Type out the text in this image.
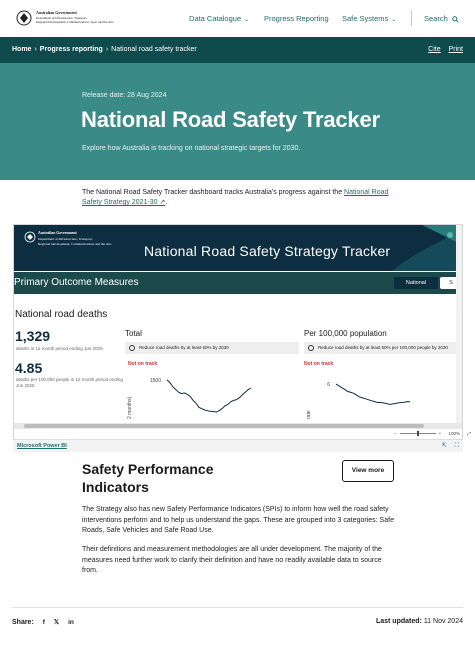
Australian Government
Department of Infrastructure, Transport,
Regional Development, Communications, Sport and the Arts	Data Catalogue ⌄ Progress Reporting Safe Systems ⌄	Search
Home › Progress reporting › National road safety tracker	Cite Print
Release date: 28 Aug 2024
National Road Safety Tracker
Explore how Australia is tracking on national strategic targets for 2030.
The National Road Safety Tracker dashboard tracks Australia's progress against the National Road Safety Strategy 2021-30 ↗.
Australian Government
Department of Infrastructure, Transport,
Regional Development, Communications and the Arts National Road Safety Strategy Tracker
Primary Outcome Measures	National	S
National road deaths
1,329
deaths in 12 month period ending Jun 2025
4.85
deaths per 100,000 people in 12 month period ending Jun 2025
Total
Reduce road deaths by at least 50% by 2030
Not on track
2 months)
1500
Per 100,000 population
Reduce road deaths by at least 50% per 100,000 people by 2030
Not on track
rate
6
−	+ 100% ⤢
Microsoft Power BI	⇱ ⛶
Safety Performance Indicators
View more
The Strategy also has new Safety Performance Indicators (SPIs) to inform how well the road safety interventions perform and to help us understand the gaps. These are grouped into 3 categories: Safe Roads, Safe Vehicles and Safe Road Use.
Their definitions and measurement methodologies are all under development. The majority of the measures need further work to clarify their definition and have no readily available data to source from.
Share: f 𝕏 in	Last updated: 11 Nov 2024
